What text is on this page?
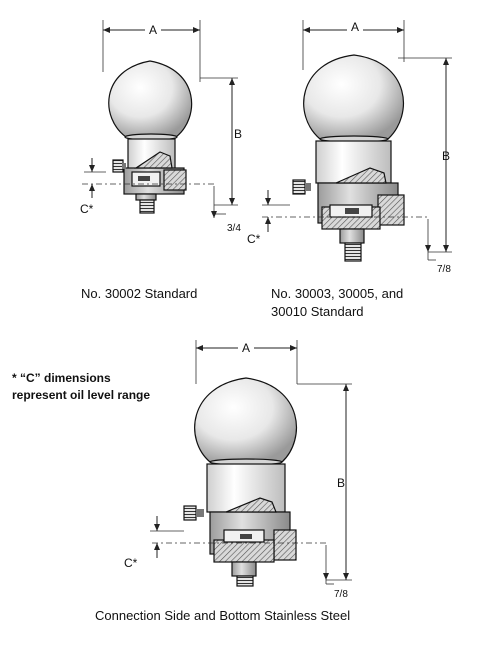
A
B
3/4
C*
No. 30002 Standard
A
B
7/8
C*
No. 30003, 30005, and
30010 Standard
* “C” dimensions
represent oil level range
A
B
7/8
C*
Connection Side and Bottom Stainless Steel
